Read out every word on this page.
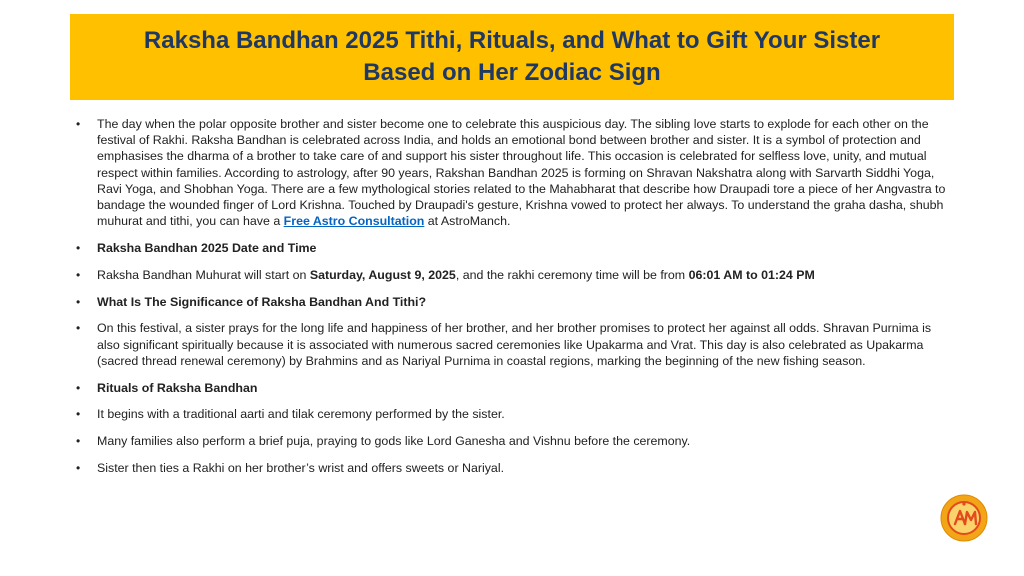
Raksha Bandhan 2025 Tithi, Rituals, and What to Gift Your Sister
Based on Her Zodiac Sign
• The day when the polar opposite brother and sister become one to celebrate this auspicious day. The sibling love starts to explode for each other on the festival of Rakhi. Raksha Bandhan is celebrated across India, and holds an emotional bond between brother and sister. It is a symbol of protection and emphasises the dharma of a brother to take care of and support his sister throughout life. This occasion is celebrated for selfless love, unity, and mutual respect within families. According to astrology, after 90 years, Rakshan Bandhan 2025 is forming on Shravan Nakshatra along with Sarvarth Siddhi Yoga, Ravi Yoga, and Shobhan Yoga. There are a few mythological stories related to the Mahabharat that describe how Draupadi tore a piece of her Angvastra to bandage the wounded finger of Lord Krishna. Touched by Draupadi's gesture, Krishna vowed to protect her always. To understand the graha dasha, shubh muhurat and tithi, you can have a Free Astro Consultation at AstroManch.
• Raksha Bandhan 2025 Date and Time
• Raksha Bandhan Muhurat will start on Saturday, August 9, 2025, and the rakhi ceremony time will be from 06:01 AM to 01:24 PM
• What Is The Significance of Raksha Bandhan And Tithi?
• On this festival, a sister prays for the long life and happiness of her brother, and her brother promises to protect her against all odds. Shravan Purnima is also significant spiritually because it is associated with numerous sacred ceremonies like Upakarma and Vrat. This day is also celebrated as Upakarma (sacred thread renewal ceremony) by Brahmins and as Nariyal Purnima in coastal regions, marking the beginning of the new fishing season.
• Rituals of Raksha Bandhan
• It begins with a traditional aarti and tilak ceremony performed by the sister.
• Many families also perform a brief puja, praying to gods like Lord Ganesha and Vishnu before the ceremony.
• Sister then ties a Rakhi on her brother’s wrist and offers sweets or Nariyal.
